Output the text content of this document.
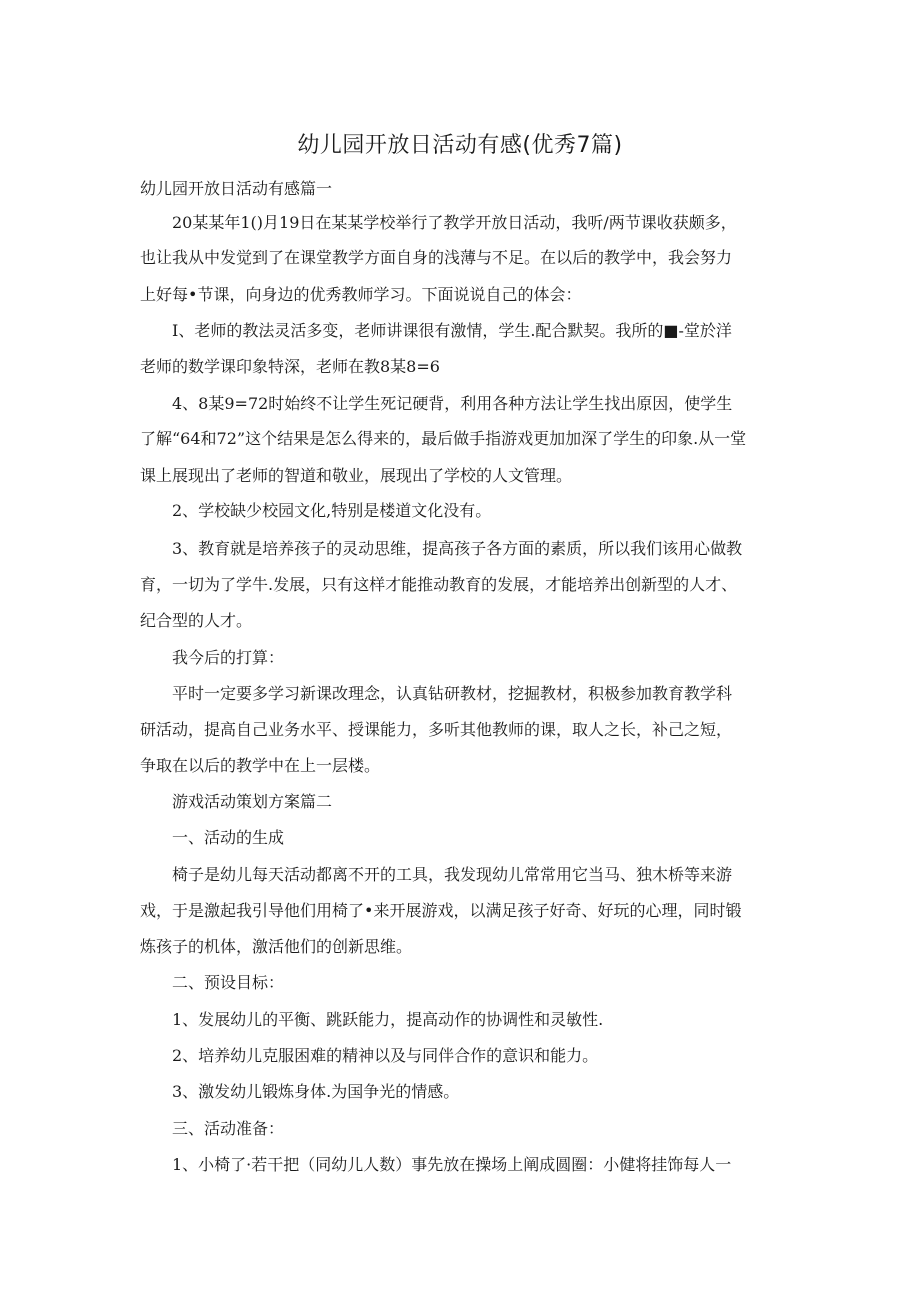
幼儿园开放日活动有感(优秀7篇)

幼儿园开放日活动有感篇一

20某某年1()月19日在某某学校举行了教学开放日活动，我听/两节课收获颇多，

也让我从中发觉到了在课堂教学方面自身的浅薄与不足。在以后的教学中，我会努力

上好每•节课，向身边的优秀教师学习。下面说说自己的体会：

I、老师的教法灵活多变，老师讲课很有激情，学生.配合默契。我所的■-堂於洋

老师的数学课印象特深，老师在教8某8=6

4、8某9=72时始终不让学生死记硬背，利用各种方法让学生找出原因，使学生

了解“64和72”这个结果是怎么得来的，最后做手指游戏更加加深了学生的印象.从一堂

课上展现出了老师的智道和敬业，展现出了学校的人文管理。

2、学校缺少校园文化,特别是楼道文化没有。

3、教育就是培养孩子的灵动思维，提高孩子各方面的素质，所以我们该用心做教

育，一切为了学牛.发展，只有这样才能推动教育的发展，才能培养出创新型的人才、

纪合型的人才。

我今后的打算：

平时一定要多学习新课改理念，认真钻研教材，挖掘教材，积极参加教育教学科

研活动，提高自己业务水平、授课能力，多听其他教师的课，取人之长，补己之短，

争取在以后的教学中在上一层楼。

游戏活动策划方案篇二

一、活动的生成

椅子是幼儿每天活动都离不开的工具，我发现幼儿常常用它当马、独木桥等来游

戏，于是激起我引导他们用椅了•来开展游戏，以满足孩子好奇、好玩的心理，同时锻

炼孩子的机体，激活他们的创新思维。

二、预设目标：

1、发展幼儿的平衡、跳跃能力，提高动作的协调性和灵敏性.

2、培养幼儿克服困难的精神以及与同伴合作的意识和能力。

3、激发幼儿锻炼身体.为国争光的情感。

三、活动准备：

1、小椅了·若干把（同幼儿人数）事先放在操场上阐成圆圈：小健将挂饰每人一
